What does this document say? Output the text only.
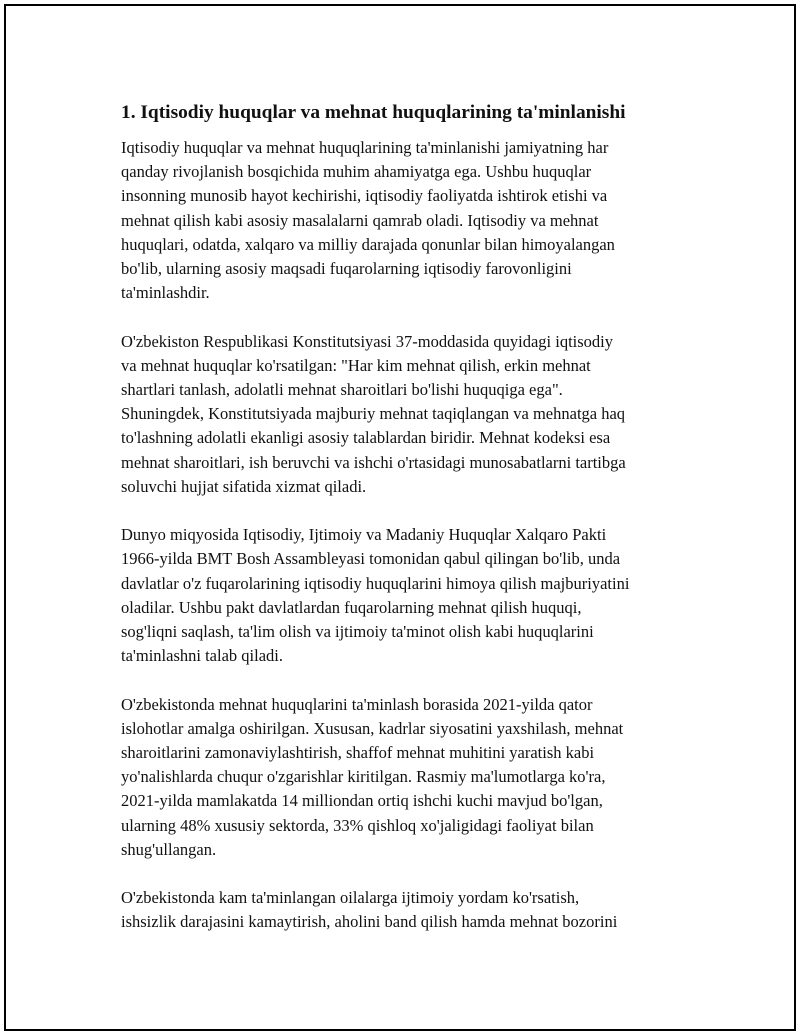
1. Iqtisodiy huquqlar va mehnat huquqlarining ta'minlanishi

Iqtisodiy huquqlar va mehnat huquqlarining ta'minlanishi jamiyatning har
qanday rivojlanish bosqichida muhim ahamiyatga ega. Ushbu huquqlar
insonning munosib hayot kechirishi, iqtisodiy faoliyatda ishtirok etishi va
mehnat qilish kabi asosiy masalalarni qamrab oladi. Iqtisodiy va mehnat
huquqlari, odatda, xalqaro va milliy darajada qonunlar bilan himoyalangan
bo'lib, ularning asosiy maqsadi fuqarolarning iqtisodiy farovonligini
ta'minlashdir.

O'zbekiston Respublikasi Konstitutsiyasi 37-moddasida quyidagi iqtisodiy
va mehnat huquqlar ko'rsatilgan: "Har kim mehnat qilish, erkin mehnat
shartlari tanlash, adolatli mehnat sharoitlari bo'lishi huquqiga ega".
Shuningdek, Konstitutsiyada majburiy mehnat taqiqlangan va mehnatga haq
to'lashning adolatli ekanligi asosiy talablardan biridir. Mehnat kodeksi esa
mehnat sharoitlari, ish beruvchi va ishchi o'rtasidagi munosabatlarni tartibga
soluvchi hujjat sifatida xizmat qiladi.

Dunyo miqyosida Iqtisodiy, Ijtimoiy va Madaniy Huquqlar Xalqaro Pakti
1966-yilda BMT Bosh Assambleyasi tomonidan qabul qilingan bo'lib, unda
davlatlar o'z fuqarolarining iqtisodiy huquqlarini himoya qilish majburiyatini
oladilar. Ushbu pakt davlatlardan fuqarolarning mehnat qilish huquqi,
sog'liqni saqlash, ta'lim olish va ijtimoiy ta'minot olish kabi huquqlarini
ta'minlashni talab qiladi.

O'zbekistonda mehnat huquqlarini ta'minlash borasida 2021-yilda qator
islohotlar amalga oshirilgan. Xususan, kadrlar siyosatini yaxshilash, mehnat
sharoitlarini zamonaviylashtirish, shaffof mehnat muhitini yaratish kabi
yo'nalishlarda chuqur o'zgarishlar kiritilgan. Rasmiy ma'lumotlarga ko'ra,
2021-yilda mamlakatda 14 milliondan ortiq ishchi kuchi mavjud bo'lgan,
ularning 48% xususiy sektorda, 33% qishloq xo'jaligidagi faoliyat bilan
shug'ullangan.

O'zbekistonda kam ta'minlangan oilalarga ijtimoiy yordam ko'rsatish,
ishsizlik darajasini kamaytirish, aholini band qilish hamda mehnat bozorini
